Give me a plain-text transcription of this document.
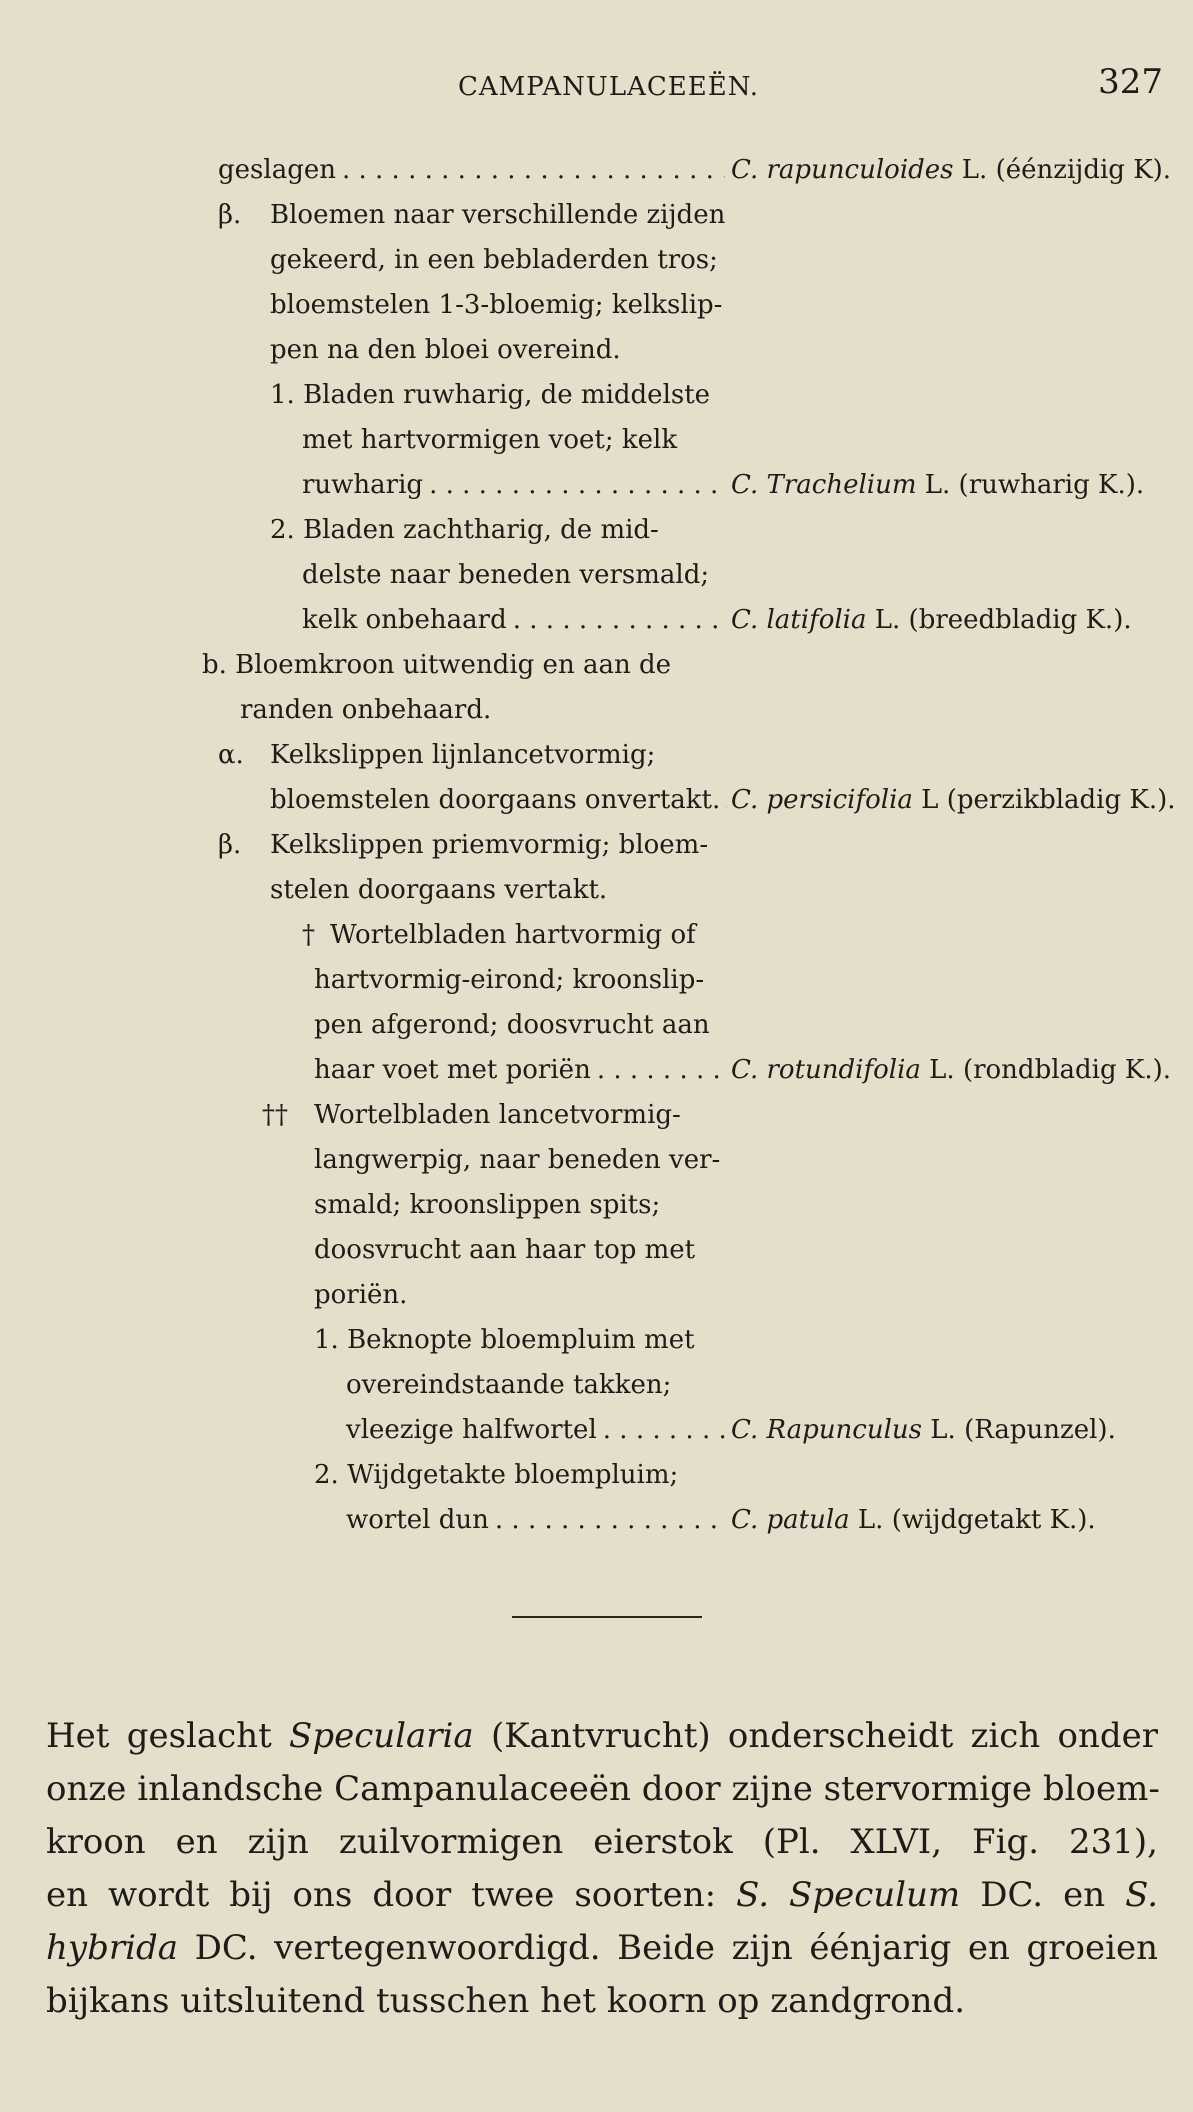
CAMPANULACEEËN.	327
geslagen . . .	C. rapunculoides L. (éénzijdig K).
β. Bloemen naar verschillende zijden
gekeerd, in een bebladerden tros;
bloemstelen 1-3-bloemig; kelkslip-
pen na den bloei overeind.
1. Bladen ruwharig, de middelste
met hartvormigen voet; kelk
ruwharig . . .	C. Trachelium L. (ruwharig K.).
2. Bladen zachtharig, de mid-
delste naar beneden versmald;
kelk onbehaard . . .	C. latifolia L. (breedbladig K.).
b. Bloemkroon uitwendig en aan de
randen onbehaard.
α. Kelkslippen lijnlancetvormig;
bloemstelen doorgaans onvertakt. . . . C. persicifolia L (perzikbladig K.).
β. Kelkslippen priemvormig; bloem-
stelen doorgaans vertakt.
† Wortelbladen hartvormig of
hartvormig-eirond; kroonslip-
pen afgerond; doosvrucht aan
haar voet met poriën . . .	C. rotundifolia L. (rondbladig K.).
†† Wortelbladen lancetvormig-
langwerpig, naar beneden ver-
smald; kroonslippen spits;
doosvrucht aan haar top met
poriën.
1. Beknopte bloempluim met
overeindstaande takken;
vleezige halfwortel . . .	C. Rapunculus L. (Rapunzel).
2. Wijdgetakte bloempluim;
wortel dun . . .	C. patula L. (wijdgetakt K.).
Het geslacht Specularia (Kantvrucht) onderscheidt zich onder
onze inlandsche Campanulaceeën door zijne stervormige bloem-
kroon en zijn zuilvormigen eierstok (Pl. XLVI, Fig. 231),
en wordt bij ons door twee soorten: S. Speculum DC. en S.
hybrida DC. vertegenwoordigd. Beide zijn éénjarig en groeien
bijkans uitsluitend tusschen het koorn op zandgrond.
